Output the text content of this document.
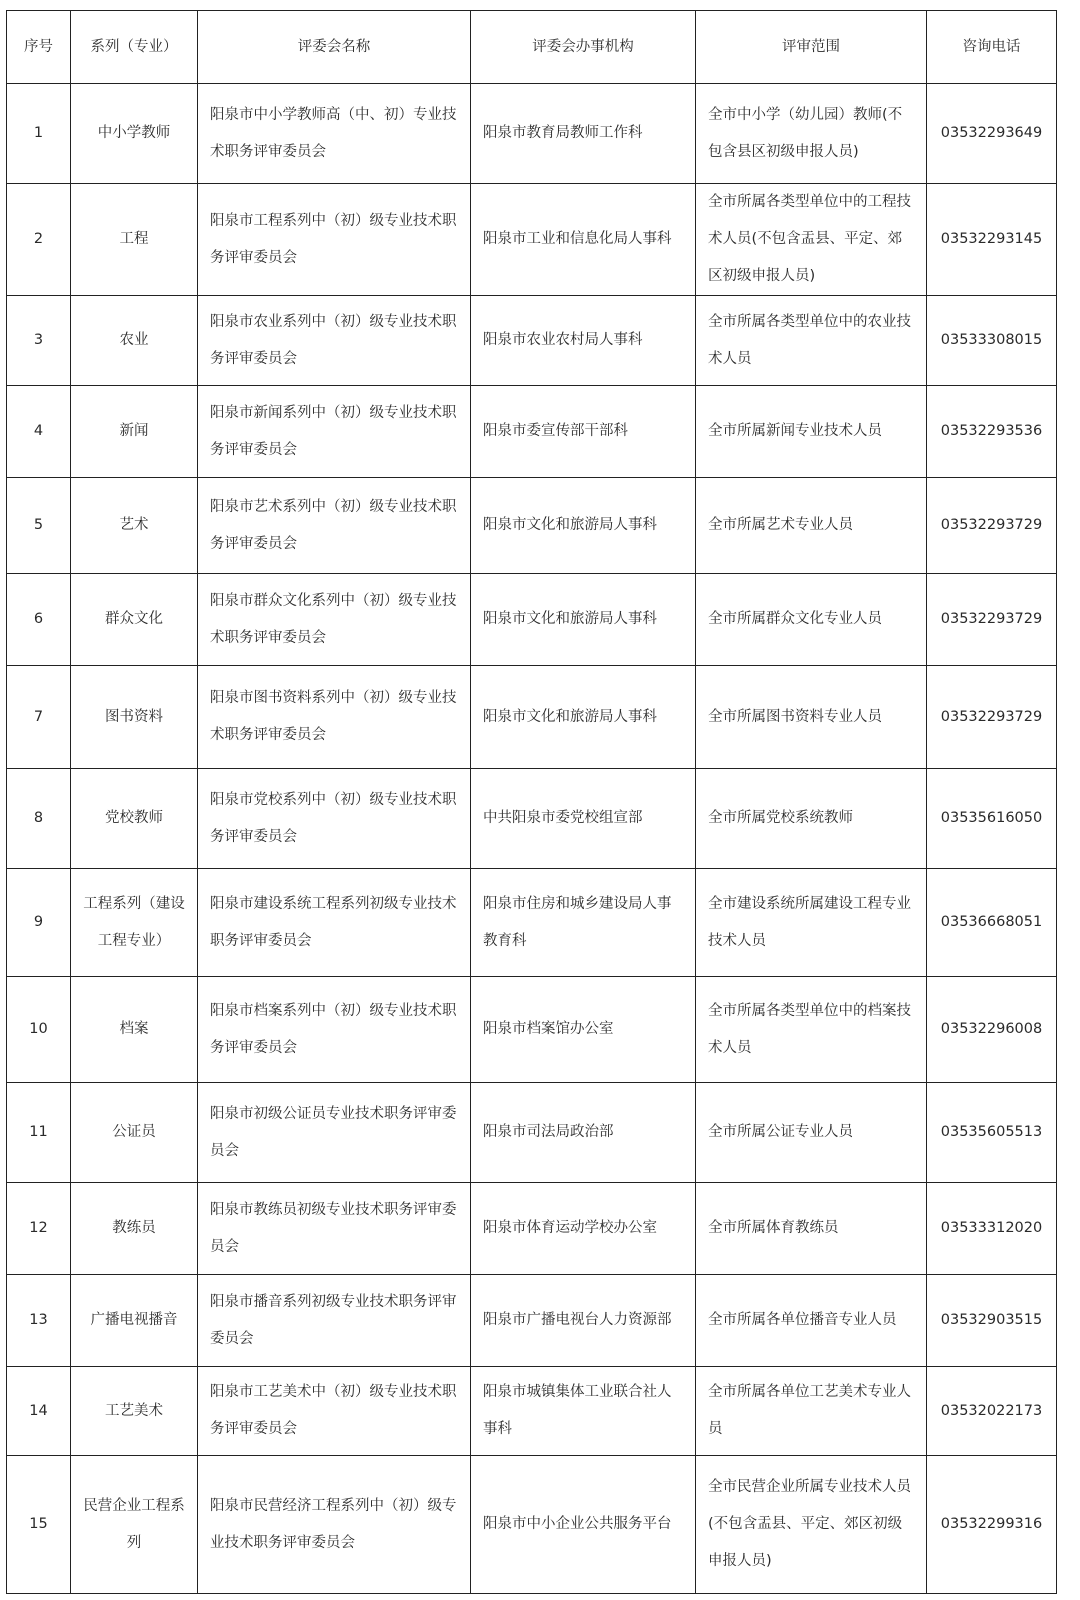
序号	系列（专业）	评委会名称	评委会办事机构	评审范围	咨询电话
1	中小学教师	阳泉市中小学教师高（中、初）专业技术职务评审委员会	阳泉市教育局教师工作科	全市中小学（幼儿园）教师(不包含县区初级申报人员)	03532293649
2	工程	阳泉市工程系列中（初）级专业技术职务评审委员会	阳泉市工业和信息化局人事科	全市所属各类型单位中的工程技术人员(不包含盂县、平定、郊区初级申报人员)	03532293145
3	农业	阳泉市农业系列中（初）级专业技术职务评审委员会	阳泉市农业农村局人事科	全市所属各类型单位中的农业技术人员	03533308015
4	新闻	阳泉市新闻系列中（初）级专业技术职务评审委员会	阳泉市委宣传部干部科	全市所属新闻专业技术人员	03532293536
5	艺术	阳泉市艺术系列中（初）级专业技术职务评审委员会	阳泉市文化和旅游局人事科	全市所属艺术专业人员	03532293729
6	群众文化	阳泉市群众文化系列中（初）级专业技术职务评审委员会	阳泉市文化和旅游局人事科	全市所属群众文化专业人员	03532293729
7	图书资料	阳泉市图书资料系列中（初）级专业技术职务评审委员会	阳泉市文化和旅游局人事科	全市所属图书资料专业人员	03532293729
8	党校教师	阳泉市党校系列中（初）级专业技术职务评审委员会	中共阳泉市委党校组宣部	全市所属党校系统教师	03535616050
9	工程系列（建设工程专业）	阳泉市建设系统工程系列初级专业技术职务评审委员会	阳泉市住房和城乡建设局人事教育科	全市建设系统所属建设工程专业技术人员	03536668051
10	档案	阳泉市档案系列中（初）级专业技术职务评审委员会	阳泉市档案馆办公室	全市所属各类型单位中的档案技术人员	03532296008
11	公证员	阳泉市初级公证员专业技术职务评审委员会	阳泉市司法局政治部	全市所属公证专业人员	03535605513
12	教练员	阳泉市教练员初级专业技术职务评审委员会	阳泉市体育运动学校办公室	全市所属体育教练员	03533312020
13	广播电视播音	阳泉市播音系列初级专业技术职务评审委员会	阳泉市广播电视台人力资源部	全市所属各单位播音专业人员	03532903515
14	工艺美术	阳泉市工艺美术中（初）级专业技术职务评审委员会	阳泉市城镇集体工业联合社人事科	全市所属各单位工艺美术专业人员	03532022173
15	民营企业工程系列	阳泉市民营经济工程系列中（初）级专业技术职务评审委员会	阳泉市中小企业公共服务平台	全市民营企业所属专业技术人员(不包含盂县、平定、郊区初级申报人员)	03532299316
